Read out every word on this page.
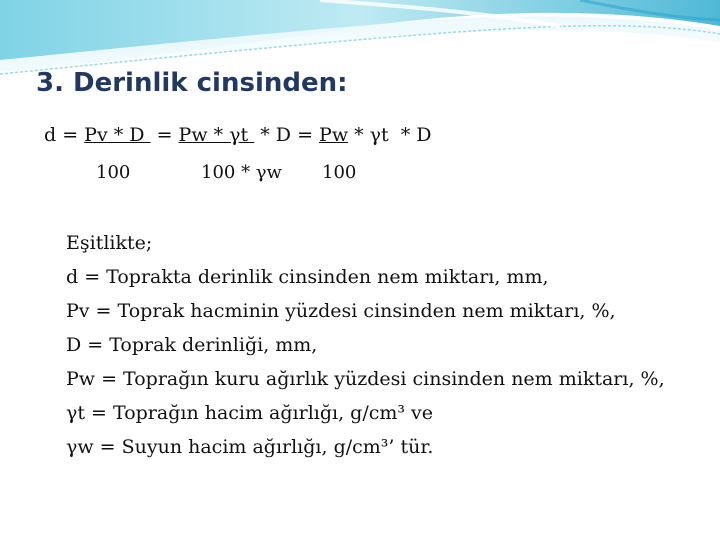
3. Derinlik cinsinden:
d = Pv * D  = Pw * γt  * D = Pw * γt  * D
100	100 * γw 100
Eşitlikte;
d = Toprakta derinlik cinsinden nem miktarı, mm,
Pv = Toprak hacminin yüzdesi cinsinden nem miktarı, %,
D = Toprak derinliği, mm,
Pw = Toprağın kuru ağırlık yüzdesi cinsinden nem miktarı, %,
γt = Toprağın hacim ağırlığı, g/cm³ ve
γw = Suyun hacim ağırlığı, g/cm³’ tür.
